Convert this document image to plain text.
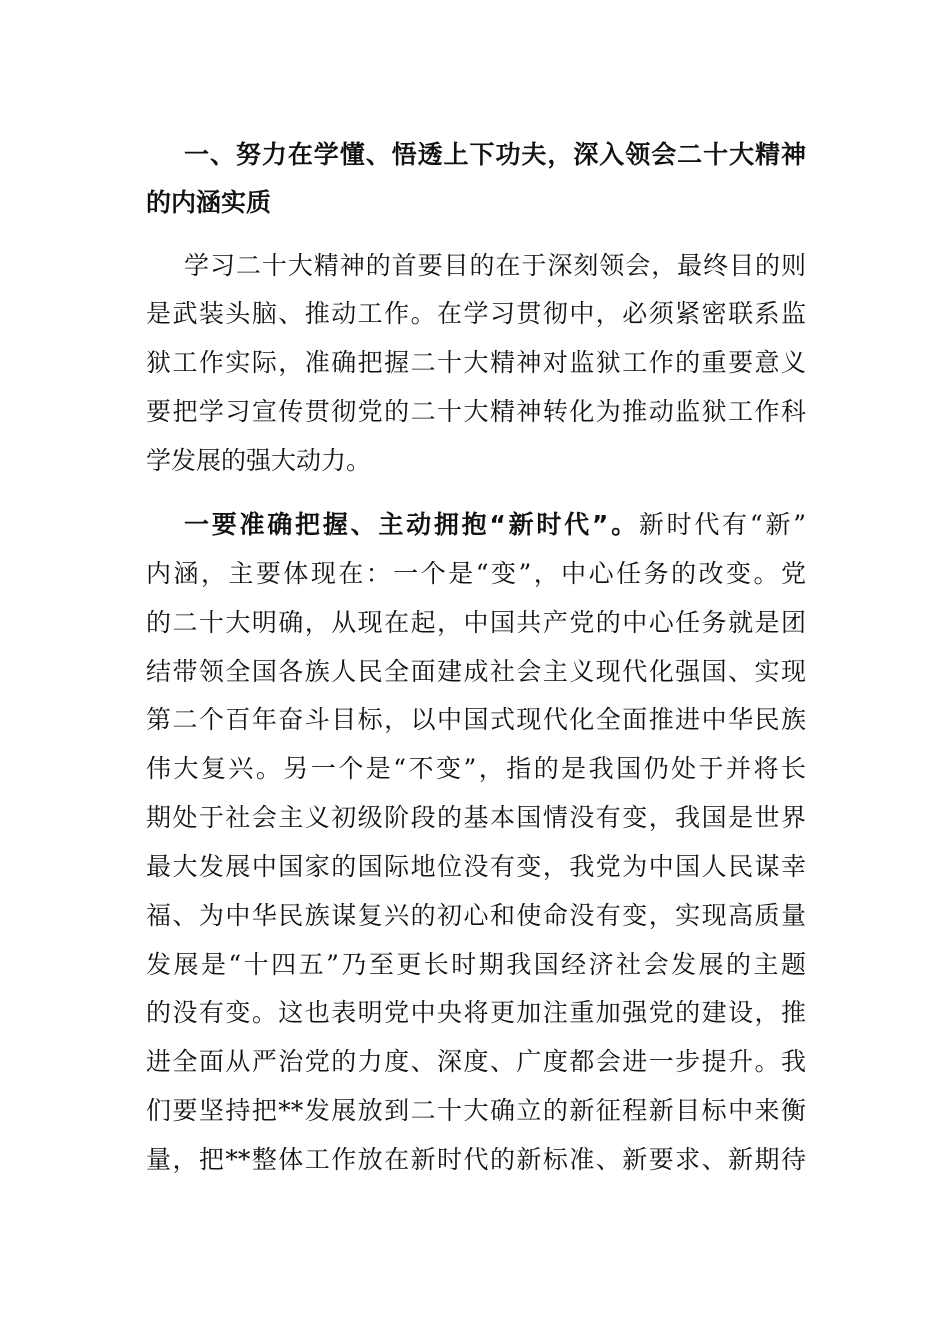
一、努力在学懂、悟透上下功夫，深入领会二十大精神
的内涵实质
学习二十大精神的首要目的在于深刻领会，最终目的则
是武装头脑、推动工作。在学习贯彻中，必须紧密联系监
狱工作实际，准确把握二十大精神对监狱工作的重要意义
要把学习宣传贯彻党的二十大精神转化为推动监狱工作科
学发展的强大动力。
一要准确把握、主动拥抱“新时代”。新时代有“新”
内涵，主要体现在：一个是“变”，中心任务的改变。党
的二十大明确，从现在起，中国共产党的中心任务就是团
结带领全国各族人民全面建成社会主义现代化强国、实现
第二个百年奋斗目标，以中国式现代化全面推进中华民族
伟大复兴。另一个是“不变”，指的是我国仍处于并将长
期处于社会主义初级阶段的基本国情没有变，我国是世界
最大发展中国家的国际地位没有变，我党为中国人民谋幸
福、为中华民族谋复兴的初心和使命没有变，实现高质量
发展是“十四五”乃至更长时期我国经济社会发展的主题
的没有变。这也表明党中央将更加注重加强党的建设，推
进全面从严治党的力度、深度、广度都会进一步提升。我
们要坚持把**发展放到二十大确立的新征程新目标中来衡
量，把**整体工作放在新时代的新标准、新要求、新期待
